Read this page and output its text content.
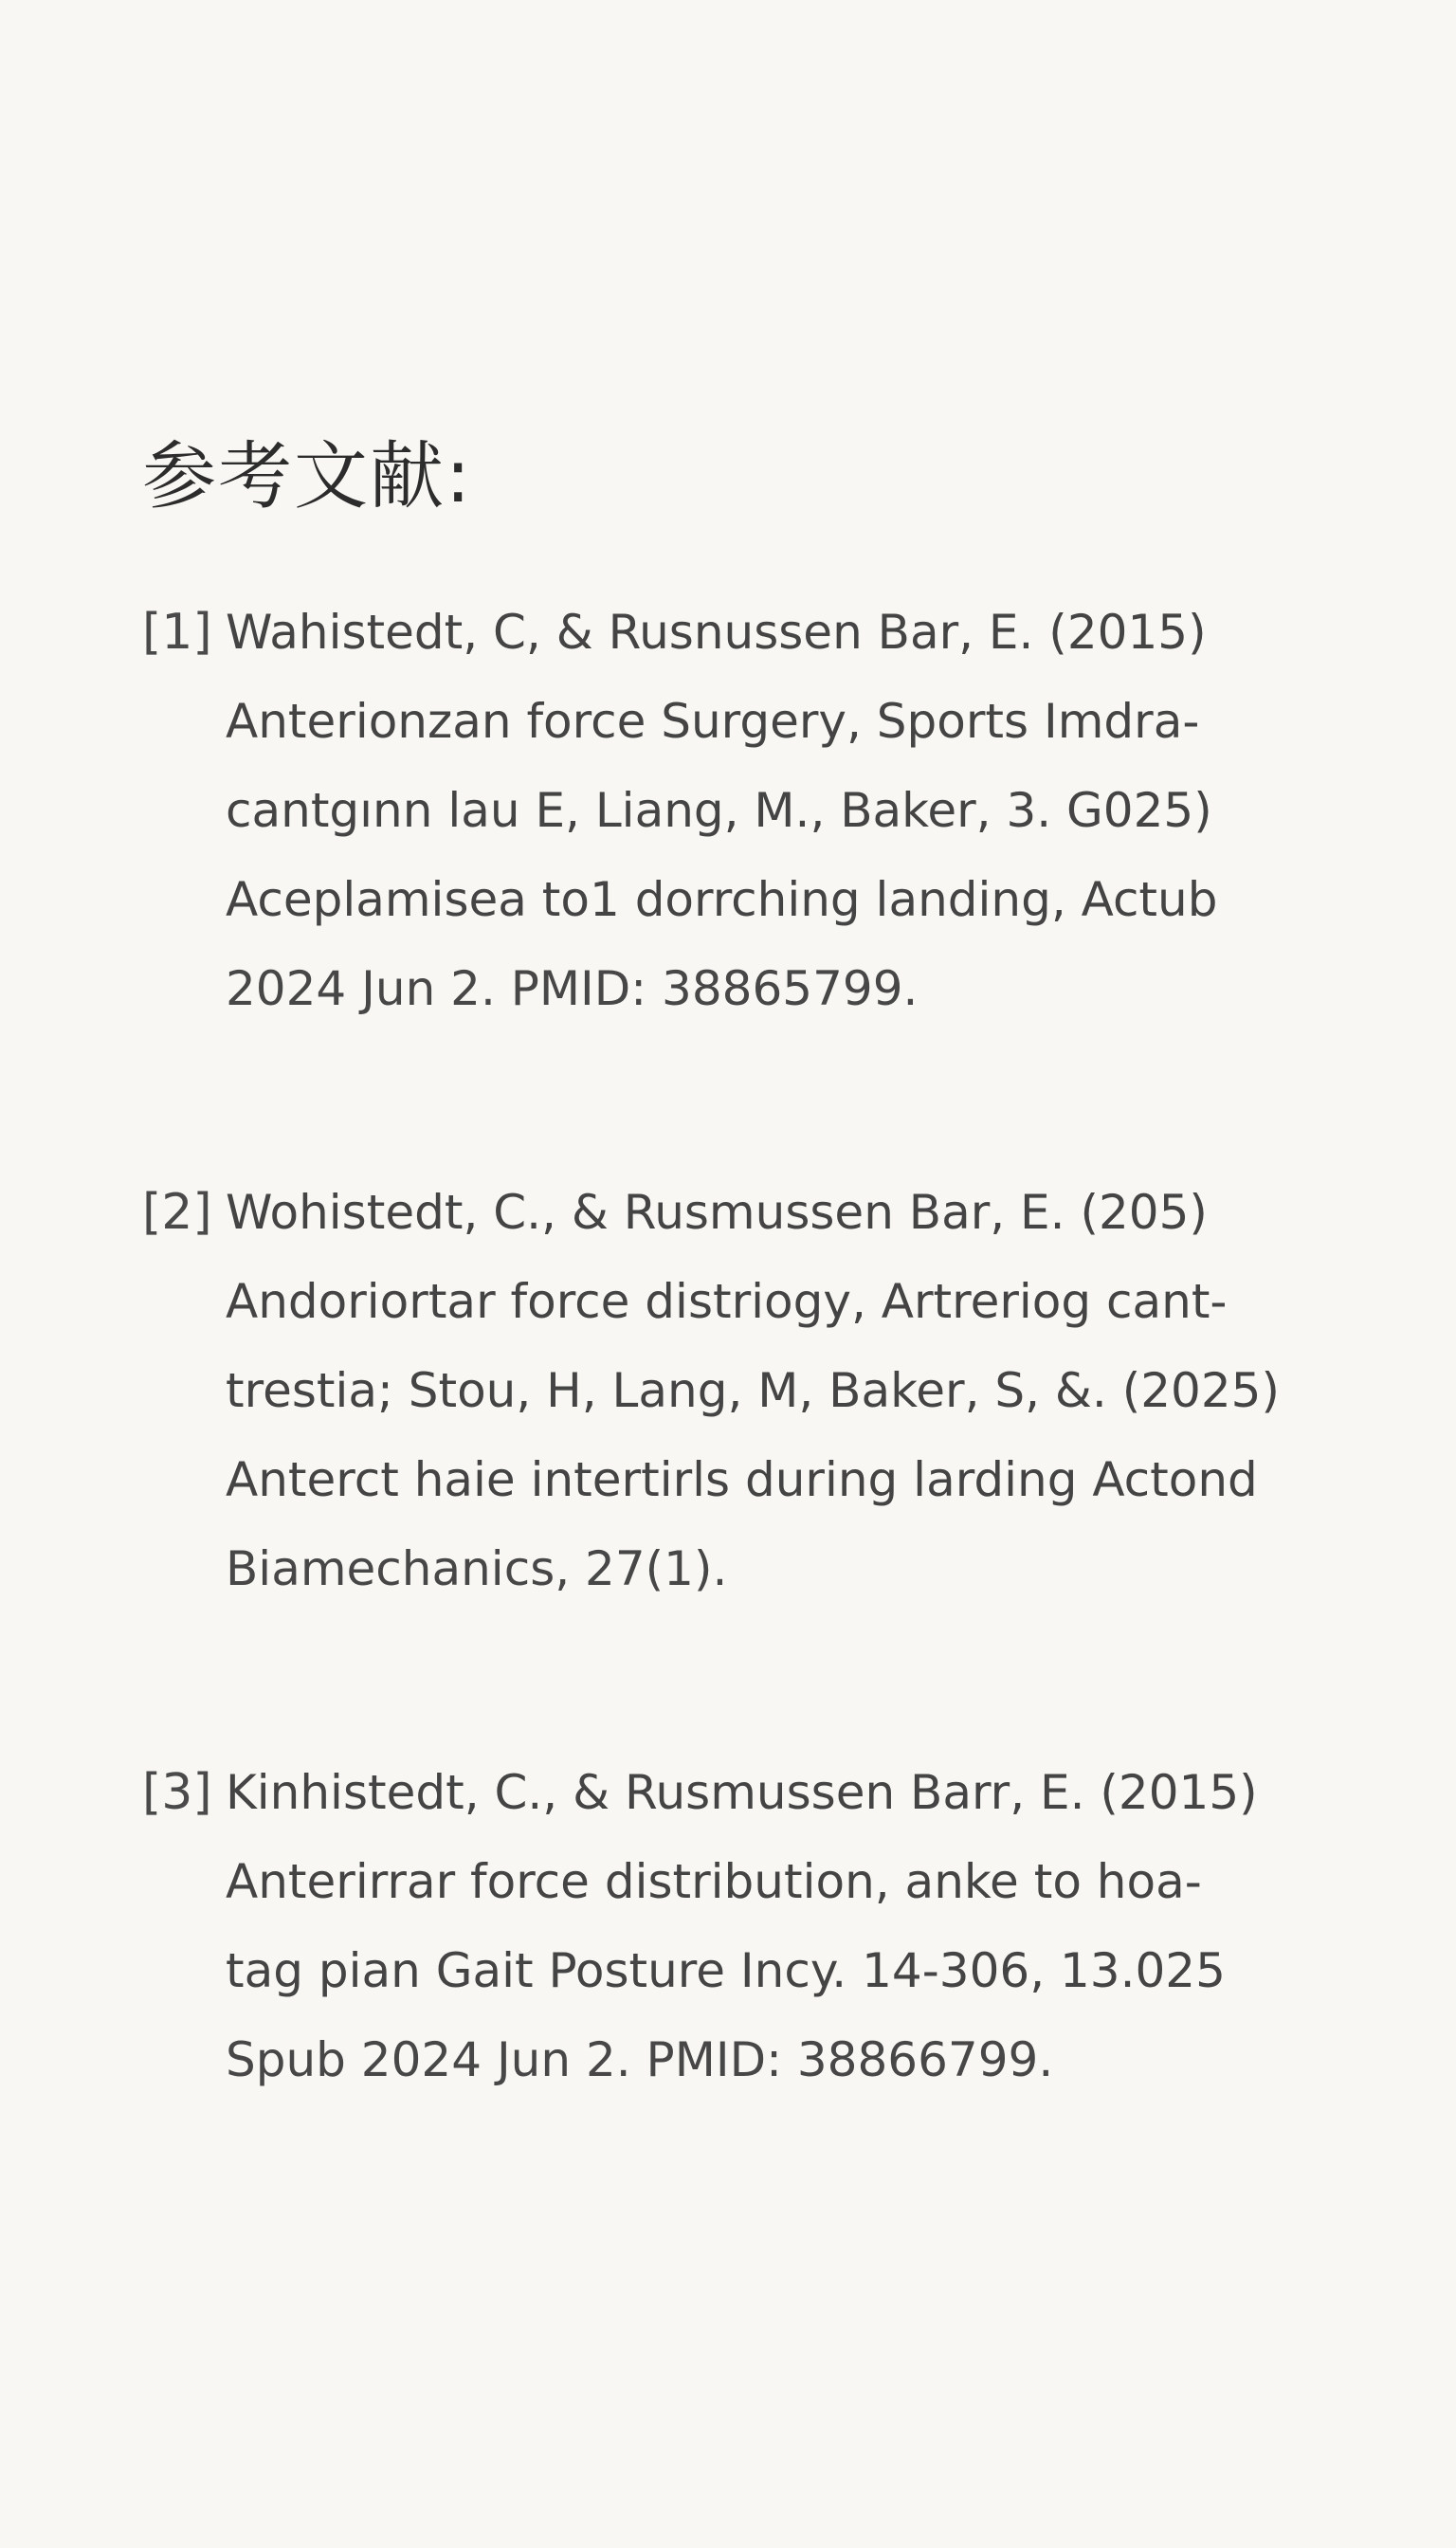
参考文献:
[1] Wahistedt, C, & Rusnussen Bar, E. (2015)
Anterionzan force Surgery, Sports Imdra-
cantgınn lau E, Liang, M., Baker, 3. G025)
Aceplamisea to1 dorrching landing, Actub
2024 Jun 2. PMID: 38865799.
[2] Wohistedt, C., & Rusmussen Bar, E. (205)
Andoriortar force distriogy, Artreriog cant-
trestia; Stou, H, Lang, M, Baker, S, &. (2025)
Anterct haie intertirls during larding Actond
Biamechanics, 27(1).
[3] Kinhistedt, C., & Rusmussen Barr, E. (2015)
Anterirrar force distribution, anke to hoa-
tag pian Gait Posture Incy. 14-306, 13.025
Spub 2024 Jun 2. PMID: 38866799.
